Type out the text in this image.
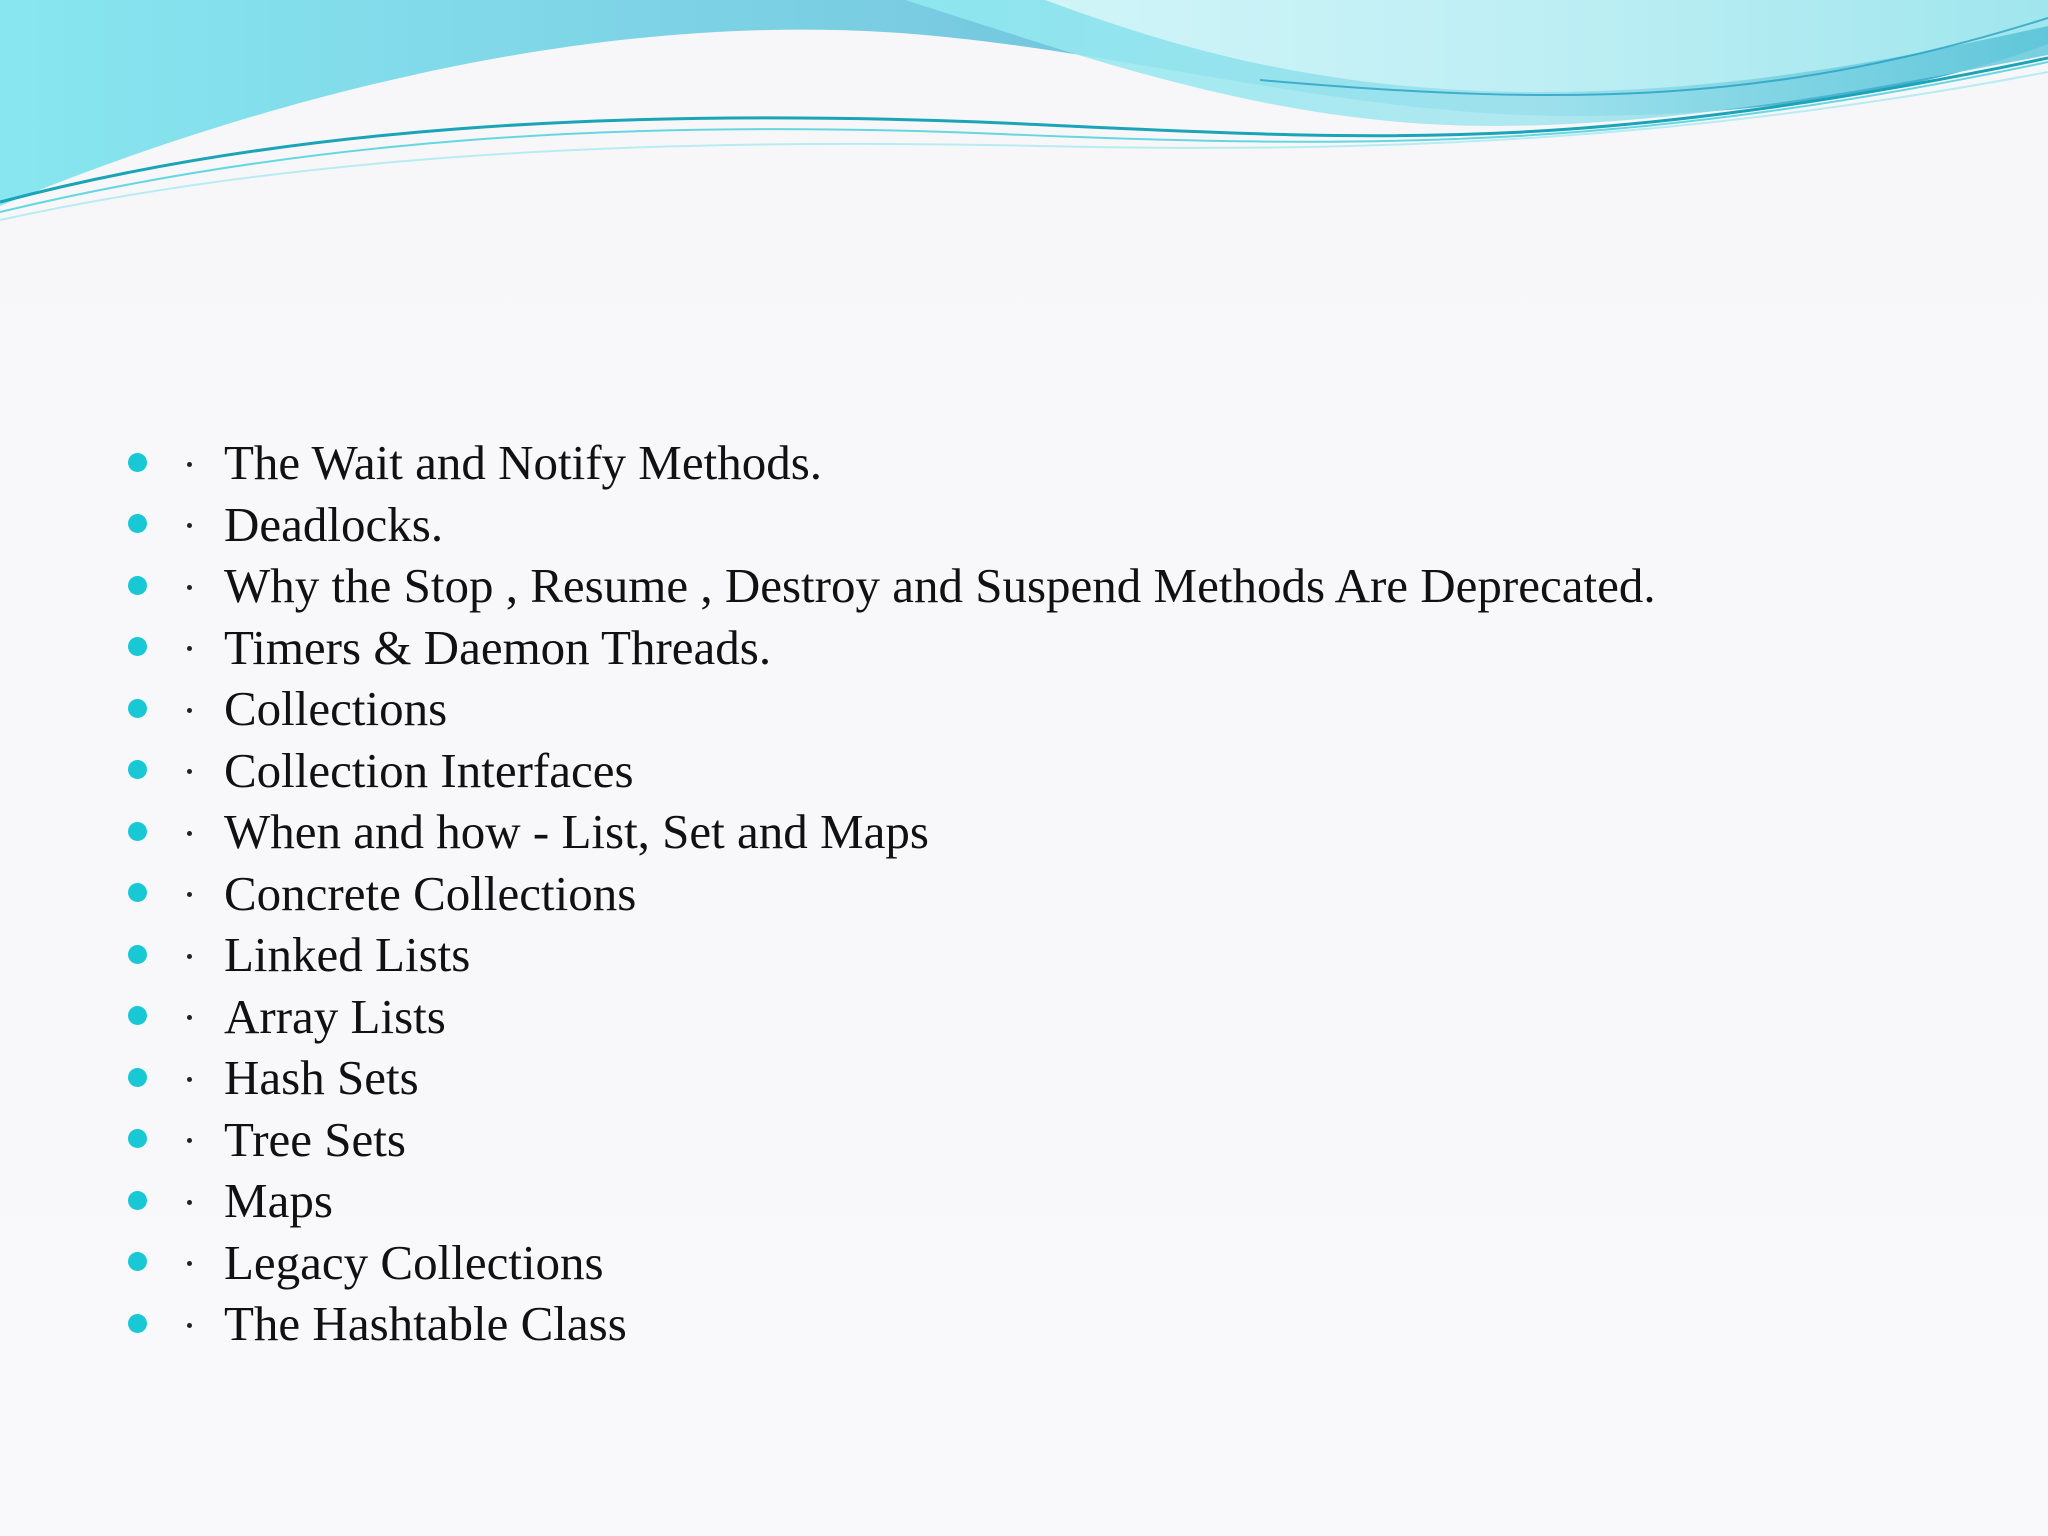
The Wait and Notify Methods.
Deadlocks.
Why the Stop , Resume , Destroy and Suspend Methods Are Deprecated.
Timers & Daemon Threads.
Collections
Collection Interfaces
When and how - List, Set and Maps
Concrete Collections
Linked Lists
Array Lists
Hash Sets
Tree Sets
Maps
Legacy Collections
The Hashtable Class
